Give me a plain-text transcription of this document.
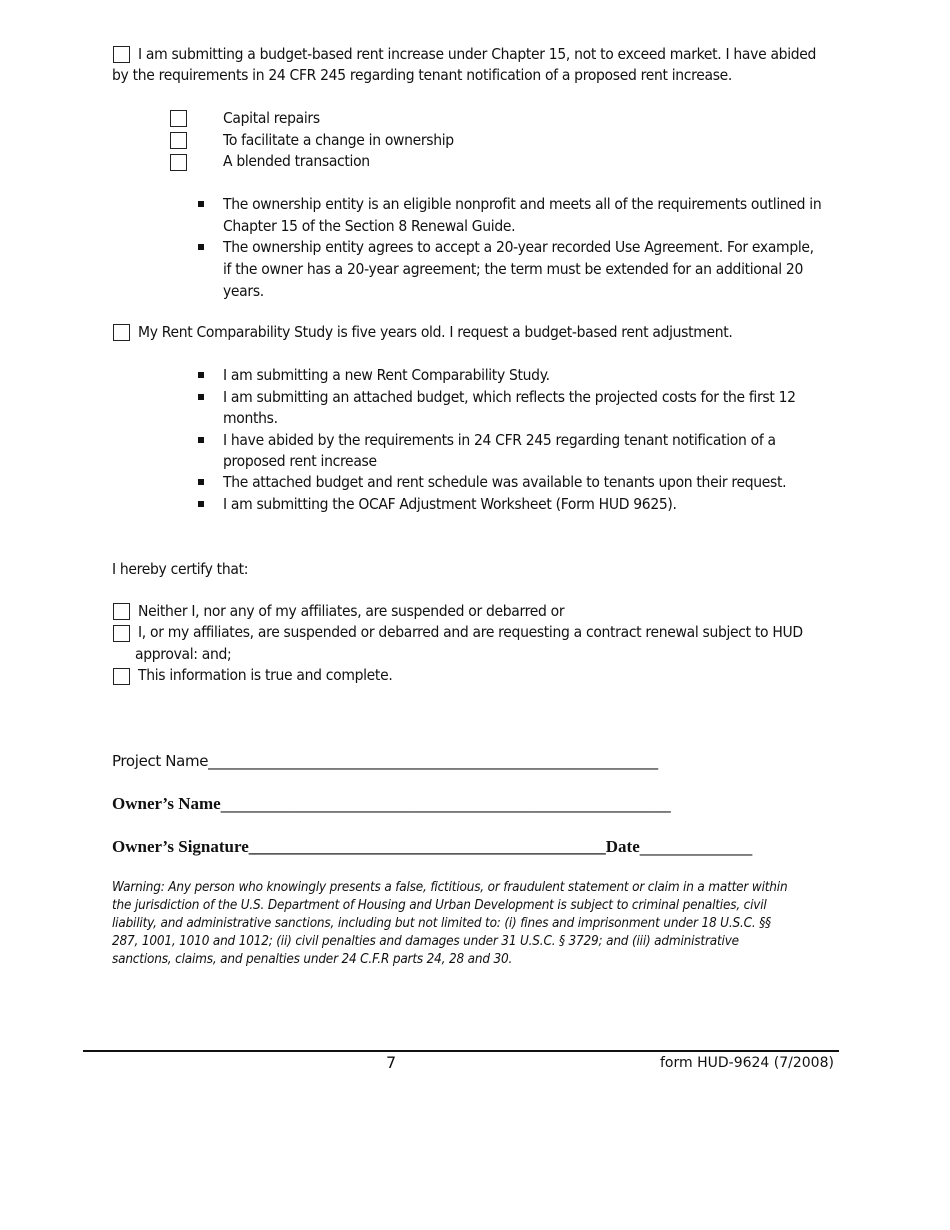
I am submitting a budget-based rent increase under Chapter 15, not to exceed market. I have abided
by the requirements in 24 CFR 245 regarding tenant notification of a proposed rent increase.
Capital repairs
To facilitate a change in ownership
A blended transaction
The ownership entity is an eligible nonprofit and meets all of the requirements outlined in
Chapter 15 of the Section 8 Renewal Guide.
The ownership entity agrees to accept a 20-year recorded Use Agreement. For example,
if the owner has a 20-year agreement; the term must be extended for an additional 20
years.
My Rent Comparability Study is five years old. I request a budget-based rent adjustment.
I am submitting a new Rent Comparability Study.
I am submitting an attached budget, which reflects the projected costs for the first 12
months.
I have abided by the requirements in 24 CFR 245 regarding tenant notification of a
proposed rent increase
The attached budget and rent schedule was available to tenants upon their request.
I am submitting the OCAF Adjustment Worksheet (Form HUD 9625).
I hereby certify that:
Neither I, nor any of my affiliates, are suspended or debarred or
I, or my affiliates, are suspended or debarred and are requesting a contract renewal subject to HUD
approval: and;
This information is true and complete.
Project Name____________________________________________________________
Owner’s Name____________________________________________________________
Owner’s Signature__________________________________________Date_______________
Warning: Any person who knowingly presents a false, fictitious, or fraudulent statement or claim in a matter within
the jurisdiction of the U.S. Department of Housing and Urban Development is subject to criminal penalties, civil
liability, and administrative sanctions, including but not limited to: (i) fines and imprisonment under 18 U.S.C. §§
287, 1001, 1010 and 1012; (ii) civil penalties and damages under 31 U.S.C. § 3729; and (iii) administrative
sanctions, claims, and penalties under 24 C.F.R parts 24, 28 and 30.
7	form HUD-9624 (7/2008)
